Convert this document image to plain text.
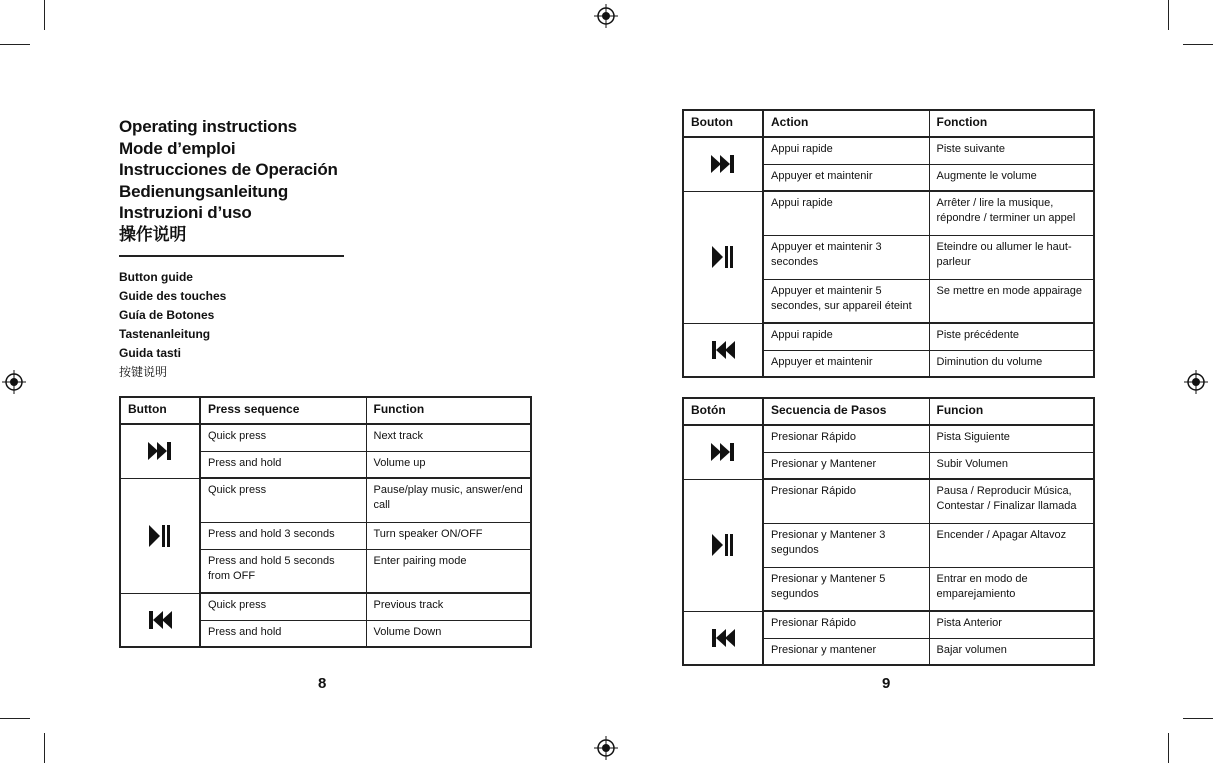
Operating instructions
Mode d’emploi
Instrucciones de Operación
Bedienungsanleitung
Instruzioni d’uso
操作说明
Button guide
Guide des touches
Guía de Botones
Tastenanleitung
Guida tasti
按键说明
Button	Press sequence	Function

	Quick press	Next track
	Press and hold	Volume up

	Quick press	Pause/play music, answer/end call
	Press and hold 3 seconds	Turn speaker ON/OFF
	Press and hold 5 seconds from OFF	Enter pairing mode

	Quick press	Previous track
	Press and hold	Volume Down
Bouton	Action	Fonction

	Appui rapide	Piste suivante
	Appuyer et maintenir	Augmente le volume

	Appui rapide	Arrêter / lire la musique, répondre / terminer un appel
	Appuyer et maintenir 3 secondes	Eteindre ou allumer le haut-parleur
	Appuyer et maintenir 5 secondes, sur appareil éteint	Se mettre en mode appairage

	Appui rapide	Piste précédente
	Appuyer et maintenir	Diminution du volume
Botón	Secuencia de Pasos	Funcion

	Presionar Rápido	Pista Siguiente
	Presionar y Mantener	Subir Volumen

	Presionar Rápido	Pausa / Reproducir Música, Contestar / Finalizar llamada
	Presionar y Mantener 3 segundos	Encender / Apagar Altavoz
	Presionar y Mantener 5 segundos	Entrar en modo de emparejamiento

	Presionar Rápido	Pista Anterior
	Presionar y mantener	Bajar volumen
8	9
